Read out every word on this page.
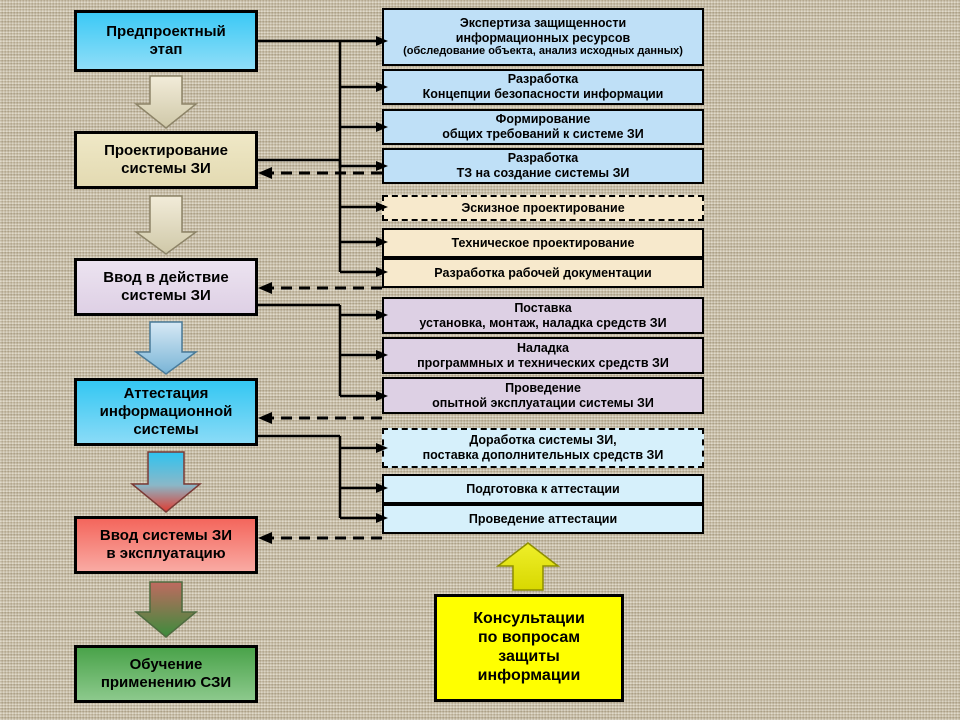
Предпроектный
этап
Проектирование
системы ЗИ
Ввод в действие
системы ЗИ
Аттестация
информационной
системы
Ввод системы ЗИ
в эксплуатацию
Обучение
применению СЗИ
Экспертиза защищенности
информационных ресурсов
(обследование объекта, анализ исходных данных)
Разработка
Концепции безопасности информации
Формирование
общих требований к системе ЗИ
Разработка
ТЗ на создание системы ЗИ
Эскизное проектирование
Техническое проектирование
Разработка рабочей документации
Поставка
установка, монтаж, наладка средств ЗИ
Наладка
программных и технических средств ЗИ
Проведение
опытной эксплуатации системы ЗИ
Доработка системы ЗИ,
поставка дополнительных средств ЗИ
Подготовка к аттестации
Проведение аттестации
Консультации
по вопросам
защиты
информации
